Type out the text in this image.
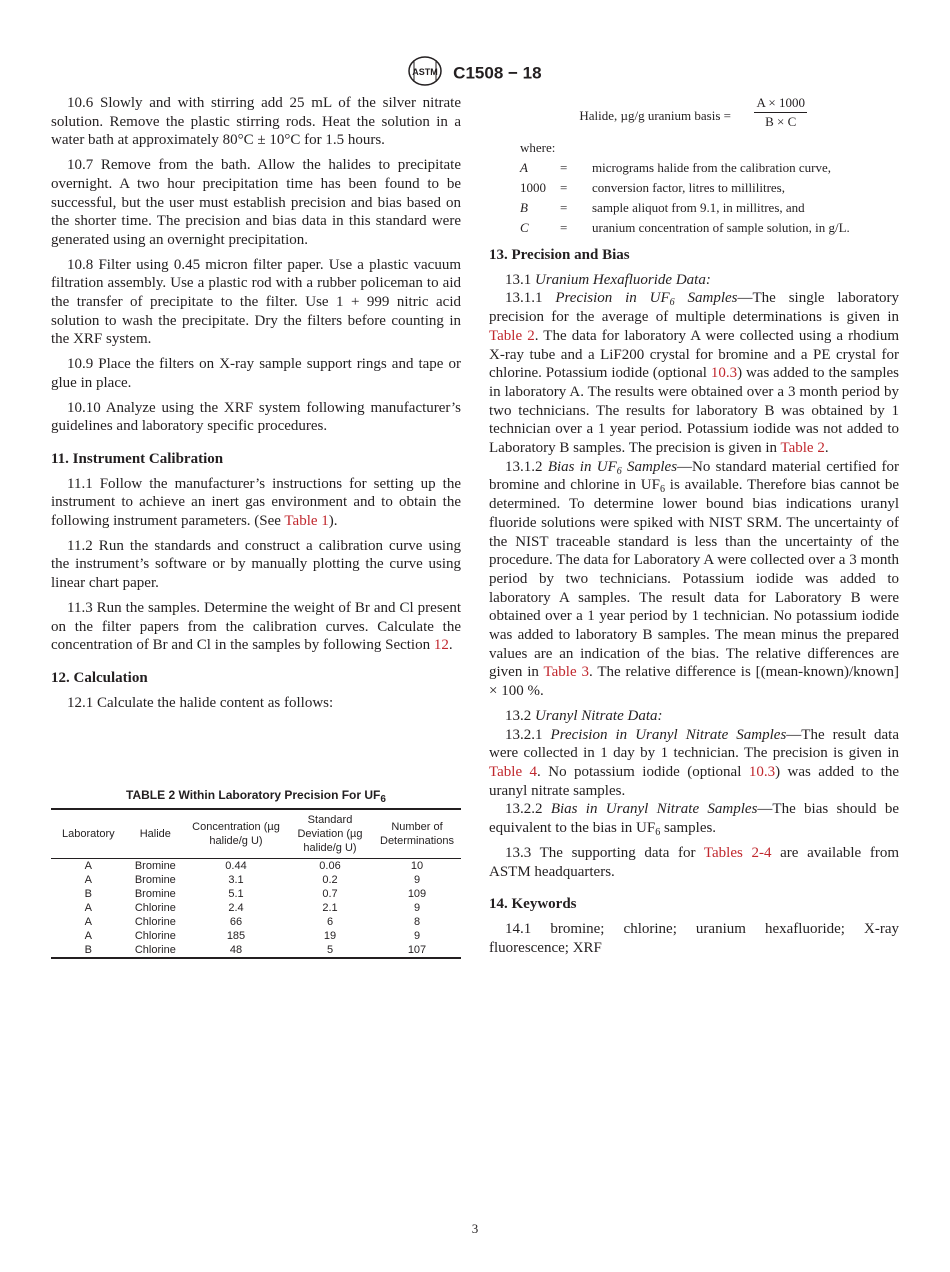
ASTM C1508 − 18

10.6 Slowly and with stirring add 25 mL of the silver nitrate solution. Remove the plastic stirring rods. Heat the solution in a water bath at approximately 80°C ± 10°C for 1.5 hours.

10.7 Remove from the bath. Allow the halides to precipitate overnight. A two hour precipitation time has been found to be successful, but the user must establish precision and bias based on the shorter time. The precision and bias data in this standard were generated using an overnight precipitation.

10.8 Filter using 0.45 micron filter paper. Use a plastic vacuum filtration assembly. Use a plastic rod with a rubber policeman to aid the transfer of precipitate to the filter. Use 1 + 999 nitric acid solution to wash the precipitate. Dry the filters before counting in the XRF system.

10.9 Place the filters on X-ray sample support rings and tape or glue in place.

10.10 Analyze using the XRF system following manufacturer’s guidelines and laboratory specific procedures.

11. Instrument Calibration

11.1 Follow the manufacturer’s instructions for setting up the instrument to achieve an inert gas environment and to obtain the following instrument parameters. (See Table 1).

11.2 Run the standards and construct a calibration curve using the instrument’s software or by manually plotting the curve using linear chart paper.

11.3 Run the samples. Determine the weight of Br and Cl present on the filter papers from the calibration curves. Calculate the concentration of Br and Cl in the samples by following Section 12.

12. Calculation

12.1 Calculate the halide content as follows:

TABLE 2 Within Laboratory Precision For $UF_6$
Laboratory	Halide	Concentration (µg halide/g U)	Standard Deviation (µg halide/g U)	Number of Determinations
A	Bromine	0.44	0.06	10
A	Bromine	3.1	0.2	9
B	Bromine	5.1	0.7	109
A	Chlorine	2.4	2.1	9
A	Chlorine	66	6	8
A	Chlorine	185	19	9
B	Chlorine	48	5	107
Halide, µg/g uranium basis = $\frac{A \times 1000}{B \times C}$
where:
A	=	micrograms halide from the calibration curve,
1000	=	conversion factor, litres to millilitres,
B	=	sample aliquot from 9.1, in millitres, and
C	=	uranium concentration of sample solution, in g/L.
13. Precision and Bias

13.1 Uranium Hexafluoride Data:

13.1.1 Precision in $UF_6$ Samples—The single laboratory precision for the average of multiple determinations is given in Table 2. The data for laboratory A were collected using a rhodium X-ray tube and a LiF200 crystal for bromine and a PE crystal for chlorine. Potassium iodide (optional 10.3) was added to the samples in laboratory A. The results were obtained over a 3 month period by two technicians. The results for laboratory B was obtained by 1 technician over a 1 year period. Potassium iodide was not added to Laboratory B samples. The precision is given in Table 2.

13.1.2 Bias in $UF_6$ Samples—No standard material certified for bromine and chlorine in $UF_6$ is available. Therefore bias cannot be determined. To determine lower bound bias indications uranyl fluoride solutions were spiked with NIST SRM. The uncertainty of the NIST traceable standard is less than the uncertainty of the procedure. The data for Laboratory A were collected over a 3 month period by two technicians. Potassium iodide was added to laboratory A samples. The result data for Laboratory B were obtained over a 1 year period by 1 technician. No potassium iodide was added to laboratory B samples. The mean minus the prepared values are an indication of the bias. The relative differences are given in Table 3. The relative difference is [(mean-known)/known] × 100 %.

13.2 Uranyl Nitrate Data:

13.2.1 Precision in Uranyl Nitrate Samples—The result data were collected in 1 day by 1 technician. The precision is given in Table 4. No potassium iodide (optional 10.3) was added to the uranyl nitrate samples.

13.2.2 Bias in Uranyl Nitrate Samples—The bias should be equivalent to the bias in $UF_6$ samples.

13.3 The supporting data for Tables 2-4 are available from ASTM headquarters.

14. Keywords

14.1 bromine; chlorine; uranium hexafluoride; X-ray fluorescence; XRF

3
